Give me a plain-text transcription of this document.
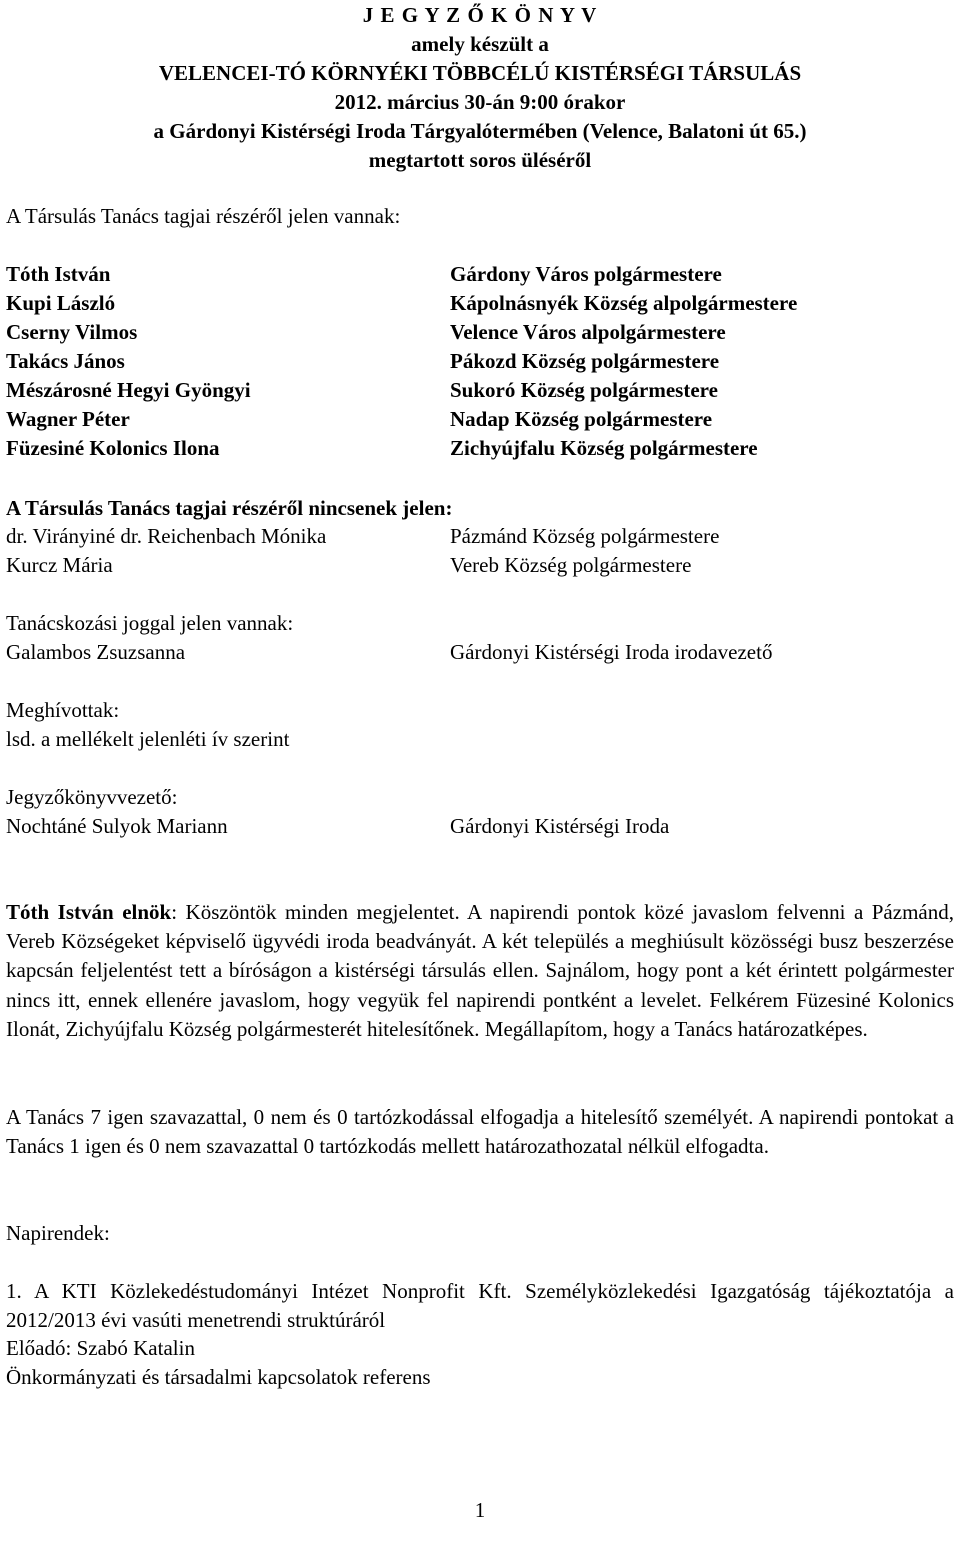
J E G Y Z Ő K Ö N Y V
amely készült a
VELENCEI-TÓ KÖRNYÉKI TÖBBCÉLÚ KISTÉRSÉGI TÁRSULÁS
2012. március 30-án 9:00 órakor
a Gárdonyi Kistérségi Iroda Tárgyalótermében (Velence, Balatoni út 65.)
megtartott soros üléséről
A Társulás Tanács tagjai részéről jelen vannak:
Tóth István	Gárdony Város polgármestere
Kupi László	Kápolnásnyék Község alpolgármestere
Cserny Vilmos	Velence Város alpolgármestere
Takács János	Pákozd Község polgármestere
Mészárosné Hegyi Gyöngyi	Sukoró Község polgármestere
Wagner Péter	Nadap Község polgármestere
Füzesiné Kolonics Ilona	Zichyújfalu Község polgármestere
A Társulás Tanács tagjai részéről nincsenek jelen:
dr. Virányiné dr. Reichenbach Mónika	Pázmánd Község polgármestere
Kurcz Mária	Vereb Község polgármestere
Tanácskozási joggal jelen vannak:
Galambos Zsuzsanna	Gárdonyi Kistérségi Iroda irodavezető
Meghívottak:
lsd. a mellékelt jelenléti ív szerint
Jegyzőkönyvvezető:
Nochtáné Sulyok Mariann	Gárdonyi Kistérségi Iroda

Tóth István elnök: Köszöntök minden megjelentet. A napirendi pontok közé javaslom felvenni a Pázmánd, Vereb Községeket képviselő ügyvédi iroda beadványát. A két település a meghiúsult közösségi busz beszerzése kapcsán feljelentést tett a bíróságon a kistérségi társulás ellen. Sajnálom, hogy pont a két érintett polgármester nincs itt, ennek ellenére javaslom, hogy vegyük fel napirendi pontként a levelet. Felkérem Füzesiné Kolonics Ilonát, Zichyújfalu Község polgármesterét hitelesítőnek. Megállapítom, hogy a Tanács határozatképes.

A Tanács 7 igen szavazattal, 0 nem és 0 tartózkodással elfogadja a hitelesítő személyét. A napirendi pontokat a Tanács 1 igen és 0 nem szavazattal 0 tartózkodás mellett határozathozatal nélkül elfogadta.

Napirendek:

1. A KTI Közlekedéstudományi Intézet Nonprofit Kft. Személyközlekedési Igazgatóság tájékoztatója a 2012/2013 évi vasúti menetrendi struktúráról

Előadó: Szabó Katalin
Önkormányzati és társadalmi kapcsolatok referens
1
